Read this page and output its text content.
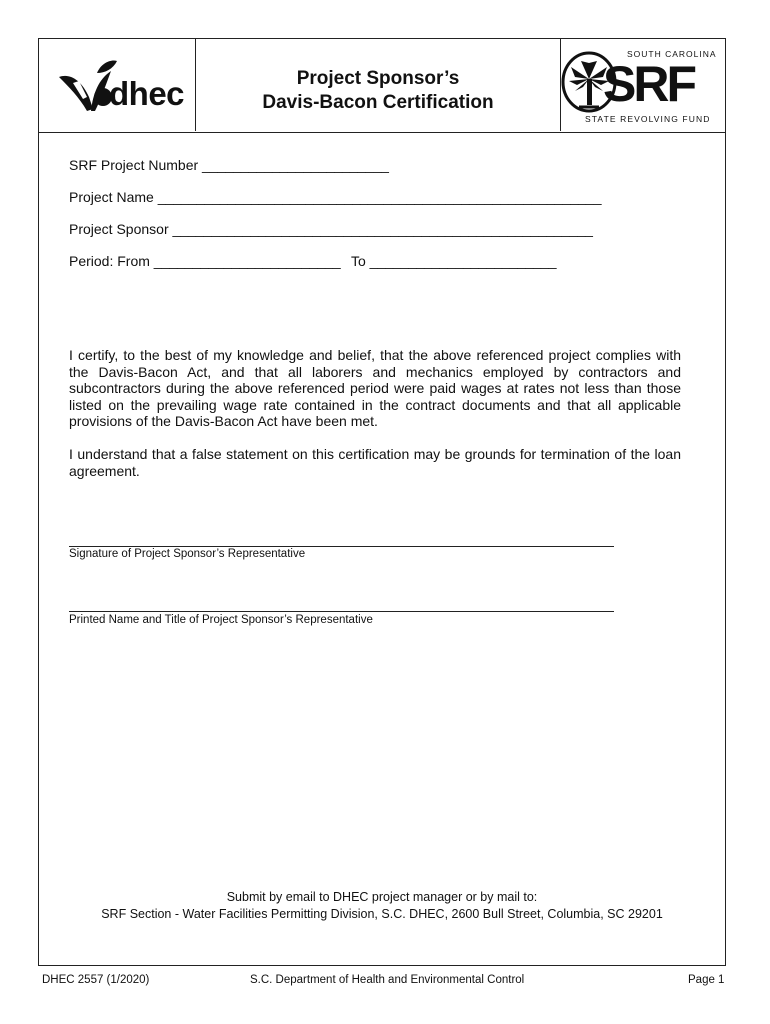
dhec	Project Sponsor’s
Davis-Bacon Certification
SOUTH CAROLINA
SRF
STATE REVOLVING FUND
SRF Project Number ________________________
Project Name _________________________________________________________
Project Sponsor ______________________________________________________
Period: From ________________________ To ________________________

I certify, to the best of my knowledge and belief, that the above referenced project complies with the Davis-Bacon Act, and that all laborers and mechanics employed by contractors and subcontractors during the above referenced period were paid wages at rates not less than those listed on the prevailing wage rate contained in the contract documents and that all applicable provisions of the Davis-Bacon Act have been met.

I understand that a false statement on this certification may be grounds for termination of the loan agreement.

Signature of Project Sponsor’s Representative
Printed Name and Title of Project Sponsor’s Representative
Submit by email to DHEC project manager or by mail to:
SRF Section - Water Facilities Permitting Division, S.C. DHEC, 2600 Bull Street, Columbia, SC 29201
DHEC 2557 (1/2020)	S.C. Department of Health and Environmental Control	Page 1
